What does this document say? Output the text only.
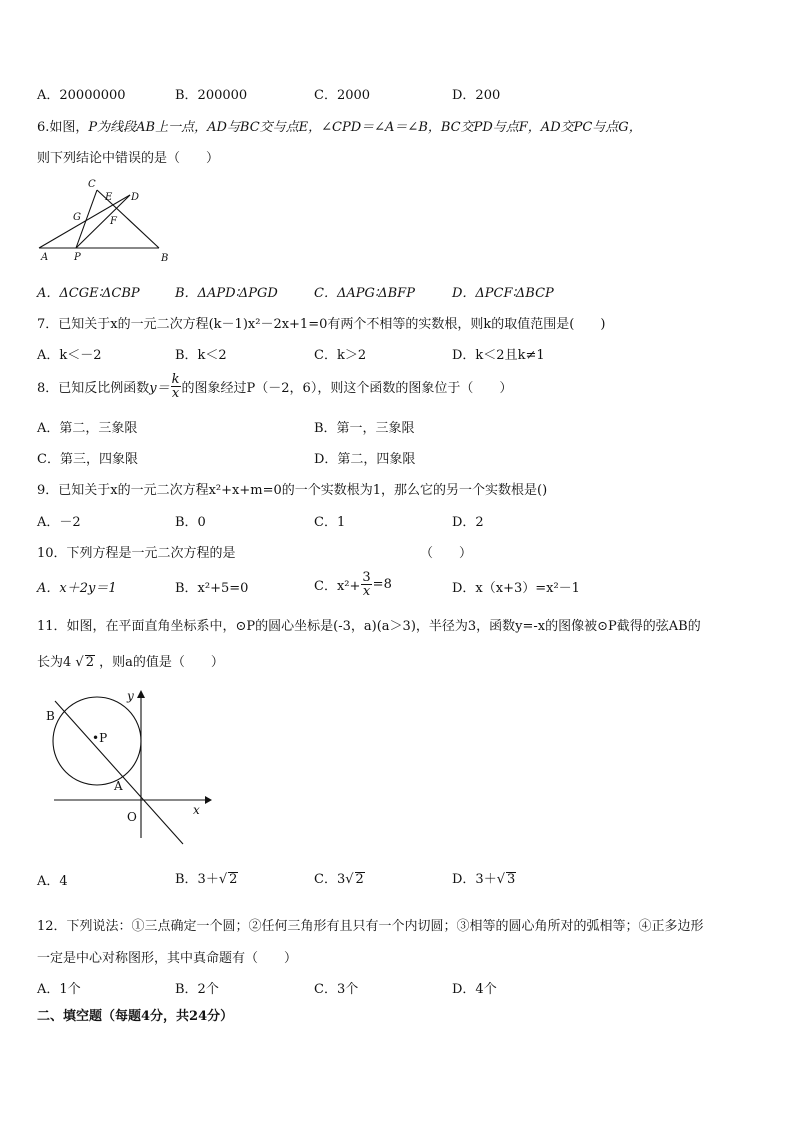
A．20000000	B．200000	C．2000	D．200
6.如图，P为线段AB上一点，AD与BC交与点E，∠CPD＝∠A＝∠B，BC交PD与点F，AD交PC与点G，
则下列结论中错误的是（　　）
A	P	B
C
D
E
F
G
A．ΔCGE∶ΔCBP	B．ΔAPD∶ΔPGD	C．ΔAPG∶ΔBFP	D．ΔPCF∶ΔBCP
7．已知关于x的一元二次方程(k－1)x²－2x+1=0有两个不相等的实数根，则k的取值范围是(　　)
A．k＜－2	B．k＜2	C．k＞2	D．k＜2且k≠1
8．已知反比例函数 $y= \frac{k}{x}$ 的图象经过P（－2，6），则这个函数的图象位于（　　）
A．第二，三象限	B．第一，三象限
C．第三，四象限	D．第二，四象限
9．已知关于x的一元二次方程x²+x+m=0的一个实数根为1，那么它的另一个实数根是()
A．－2	B．0	C．1	D．2
10．下列方程是一元二次方程的是	（　　）
A．x＋2y＝1	B．x²+5=0	C．$x^2+ \frac{3}{x} =8$	D．x（x+3）=x²－1
11．如图，在平面直角坐标系中，⊙P的圆心坐标是(-3，a)(a＞3)，半径为3，函数y=-x的图像被⊙P截得的弦AB的
长为4 √ 2 ，则a的值是（　　）
B
•P
A
O	x
y
A．4	B．3＋√ 2	C．3√ 2	D．3＋√ 3
12．下列说法：①三点确定一个圆；②任何三角形有且只有一个内切圆；③相等的圆心角所对的弧相等；④正多边形
一定是中心对称图形，其中真命题有（　　）
A．1个	B．2个	C．3个	D．4个
二、填空题（每题4分，共24分）
